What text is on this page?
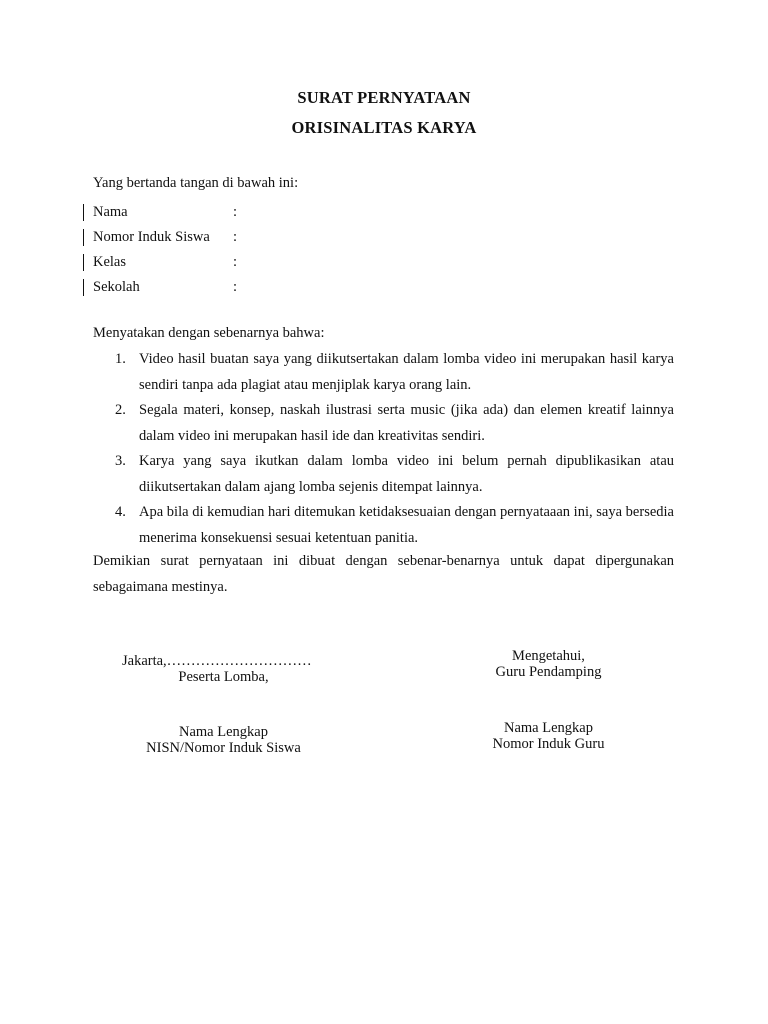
SURAT PERNYATAAN
ORISINALITAS KARYA
Yang bertanda tangan di bawah ini:
Nama	:
Nomor Induk Siswa	:
Kelas	:
Sekolah	:
Menyatakan dengan sebenarnya bahwa:
1. Video hasil buatan saya yang diikutsertakan dalam lomba video ini merupakan hasil karya sendiri tanpa ada plagiat atau menjiplak karya orang lain.
2. Segala materi, konsep, naskah ilustrasi serta music (jika ada) dan elemen kreatif lainnya dalam video ini merupakan hasil ide dan kreativitas sendiri.
3. Karya yang saya ikutkan dalam lomba video ini belum pernah dipublikasikan atau diikutsertakan dalam ajang lomba sejenis ditempat lainnya.
4. Apa bila di kemudian hari ditemukan ketidaksesuaian dengan pernyataaan ini, saya bersedia menerima konsekuensi sesuai ketentuan panitia.
Demikian surat pernyataan ini dibuat dengan sebenar-benarnya untuk dapat dipergunakan sebagaimana mestinya.
Jakarta,…………………………
Peserta Lomba,
Nama Lengkap
NISN/Nomor Induk Siswa
Mengetahui,
Guru Pendamping
Nama Lengkap
Nomor Induk Guru
